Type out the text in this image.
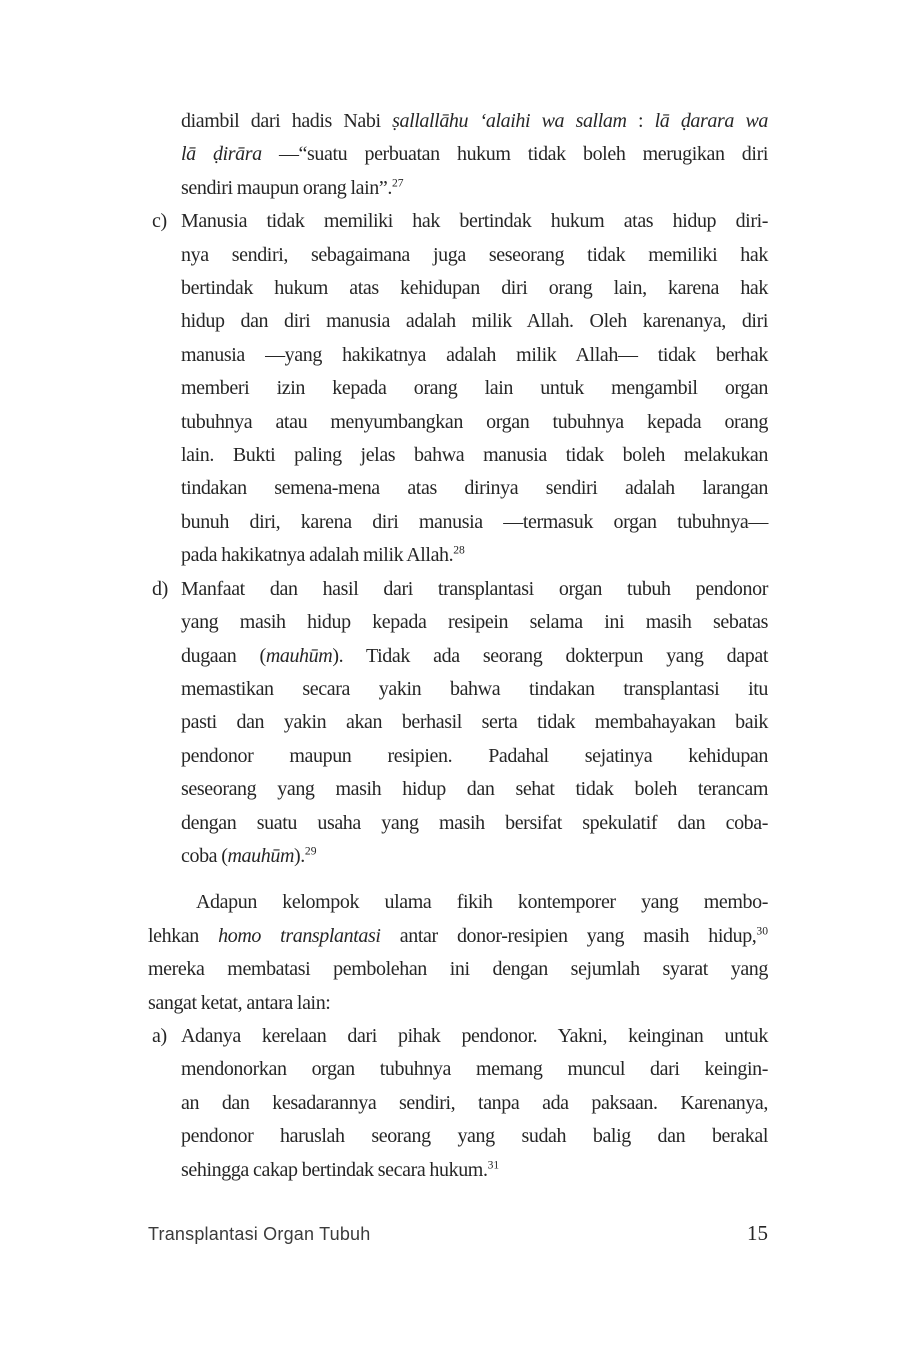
diambil dari hadis Nabi ṣallallāhu ‘alaihi wa sallam : lā ḍarara wa
lā ḍirāra —“suatu perbuatan hukum tidak boleh merugikan diri
sendiri maupun orang lain”.$^{27}$
c) Manusia tidak memiliki hak bertindak hukum atas hidup diri-
nya sendiri, sebagaimana juga seseorang tidak memiliki hak
bertindak hukum atas kehidupan diri orang lain, karena hak
hidup dan diri manusia adalah milik Allah. Oleh karenanya, diri
manusia —yang hakikatnya adalah milik Allah— tidak berhak
memberi izin kepada orang lain untuk mengambil organ
tubuhnya atau menyumbangkan organ tubuhnya kepada orang
lain. Bukti paling jelas bahwa manusia tidak boleh melakukan
tindakan semena-mena atas dirinya sendiri adalah larangan
bunuh diri, karena diri manusia —termasuk organ tubuhnya—
pada hakikatnya adalah milik Allah.$^{28}$
d) Manfaat dan hasil dari transplantasi organ tubuh pendonor
yang masih hidup kepada resipein selama ini masih sebatas
dugaan (mauhūm). Tidak ada seorang dokterpun yang dapat
memastikan secara yakin bahwa tindakan transplantasi itu
pasti dan yakin akan berhasil serta tidak membahayakan baik
pendonor maupun resipien. Padahal sejatinya kehidupan
seseorang yang masih hidup dan sehat tidak boleh terancam
dengan suatu usaha yang masih bersifat spekulatif dan coba-
coba (mauhūm).$^{29}$
Adapun kelompok ulama fikih kontemporer yang membo-
lehkan homo transplantasi antar donor-resipien yang masih hidup,$^{30}$
mereka membatasi pembolehan ini dengan sejumlah syarat yang
sangat ketat, antara lain:
a) Adanya kerelaan dari pihak pendonor. Yakni, keinginan untuk
mendonorkan organ tubuhnya memang muncul dari keingin-
an dan kesadarannya sendiri, tanpa ada paksaan. Karenanya,
pendonor haruslah seorang yang sudah balig dan berakal
sehingga cakap bertindak secara hukum.$^{31}$
Transplantasi Organ Tubuh	15
